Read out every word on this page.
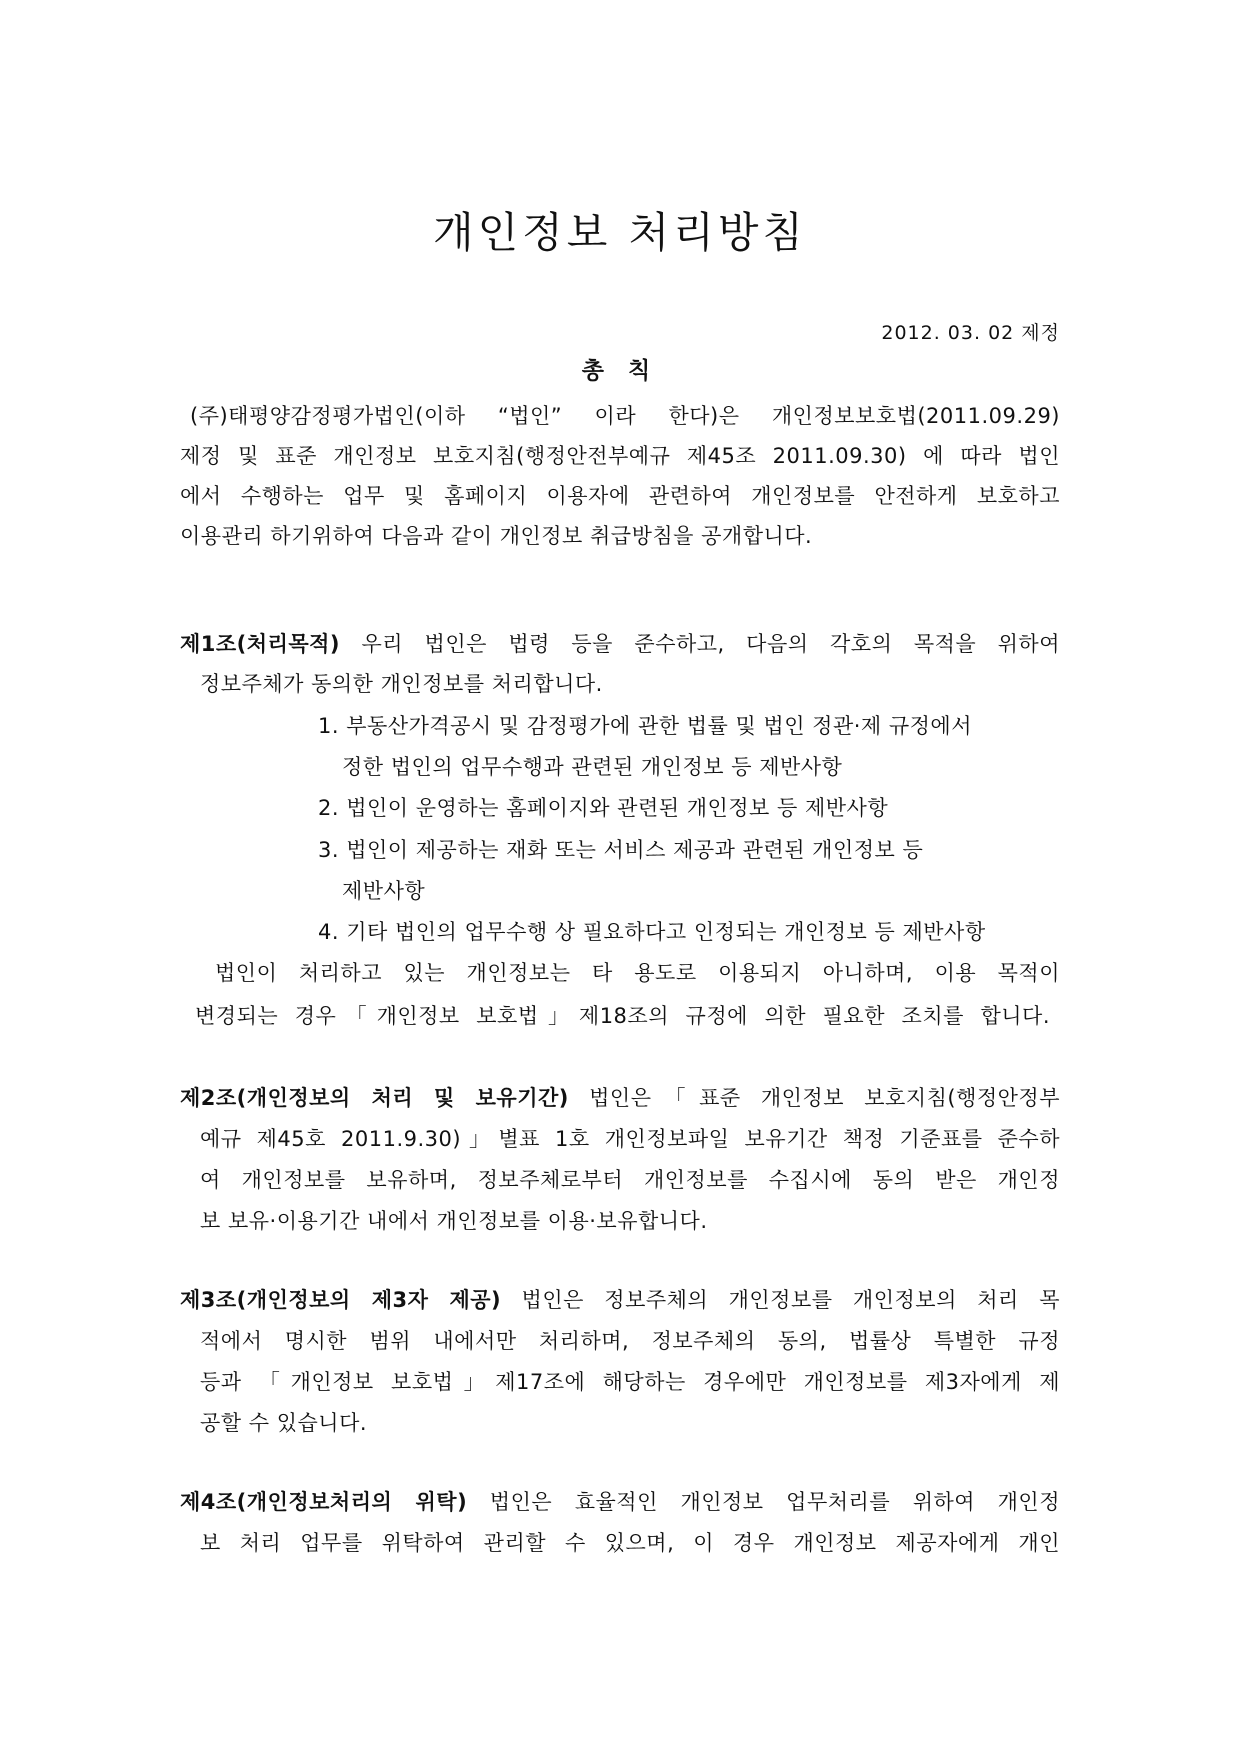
개인정보 처리방침
2012. 03. 02 제정
총 칙
(주)태평양감정평가법인(이하 “법인” 이라 한다)은 개인정보보호법(2011.09.29)
제정 및 표준 개인정보 보호지침(행정안전부예규 제45조 2011.09.30) 에 따라 법인
에서 수행하는 업무 및 홈페이지 이용자에 관련하여 개인정보를 안전하게 보호하고
이용관리 하기위하여 다음과 같이 개인정보 취급방침을 공개합니다.
제1조(처리목적) 우리 법인은 법령 등을 준수하고, 다음의 각호의 목적을 위하여
정보주체가 동의한 개인정보를 처리합니다.
1. 부동산가격공시 및 감정평가에 관한 법률 및 법인 정관·제 규정에서
정한 법인의 업무수행과 관련된 개인정보 등 제반사항
2. 법인이 운영하는 홈페이지와 관련된 개인정보 등 제반사항
3. 법인이 제공하는 재화 또는 서비스 제공과 관련된 개인정보 등
제반사항
4. 기타 법인의 업무수행 상 필요하다고 인정되는 개인정보 등 제반사항
법인이 처리하고 있는 개인정보는 타 용도로 이용되지 아니하며, 이용 목적이
변경되는 경우「개인정보 보호법」제18조의 규정에 의한 필요한 조치를 합니다.
제2조(개인정보의 처리 및 보유기간) 법인은「표준 개인정보 보호지침(행정안정부
예규 제45호 2011.9.30)」별표 1호 개인정보파일 보유기간 책정 기준표를 준수하
여 개인정보를 보유하며, 정보주체로부터 개인정보를 수집시에 동의 받은 개인정
보 보유·이용기간 내에서 개인정보를 이용·보유합니다.
제3조(개인정보의 제3자 제공) 법인은 정보주체의 개인정보를 개인정보의 처리 목
적에서 명시한 범위 내에서만 처리하며, 정보주체의 동의, 법률상 특별한 규정
등과 「개인정보 보호법」제17조에 해당하는 경우에만 개인정보를 제3자에게 제
공할 수 있습니다.
제4조(개인정보처리의 위탁) 법인은 효율적인 개인정보 업무처리를 위하여 개인정
보 처리 업무를 위탁하여 관리할 수 있으며, 이 경우 개인정보 제공자에게 개인
